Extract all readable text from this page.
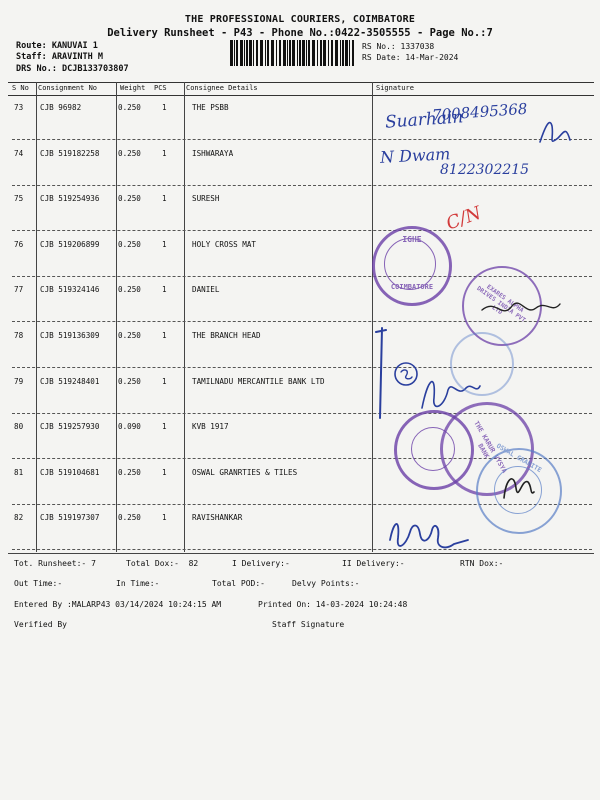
THE PROFESSIONAL COURIERS, COIMBATORE
Delivery Runsheet - P43 - Phone No.:0422-3505555 - Page No.:7
Route: KANUVAI 1
Staff: ARAVINTH M
DRS No.: DCJB133703807
RS No.: 1337038
RS Date: 14-Mar-2024
S No Consignment No	Weight PCS	Consignee Details	Signature
73 CJB 96982	0.250	1	THE PSBB
74 CJB 519182258 0.250	1	ISHWARAYA
75 CJB 519254936 0.250	1	SURESH
76 CJB 519206899 0.250	1	HOLY CROSS MAT
77 CJB 519324146 0.250	1	DANIEL
78 CJB 519136309 0.250	1	THE BRANCH HEAD
79 CJB 519248401 0.250	1	TAMILNADU MERCANTILE BANK LTD
80 CJB 519257930 0.090	1	KVB 1917
81 CJB 519104681 0.250	1	OSWAL GRANRTIES & TILES
82 CJB 519197307 0.250	1	RAVISHANKAR
Suarhain
7008495368
N Dwam
8122302215
C/N
IGHE
COIMBATORE	EXARES ALPHA DRIVES INDIA PVT LTD
THE KARUR VYSYA BANK OSWAL GRANITE
Tot. Runsheet:- 7	Total Dox:-  82	I Delivery:-	II Delivery:-	RTN Dox:-
Out Time:-	In Time:-	Total POD:-	Delvy Points:-
Entered By :MALARP43 03/14/2024 10:24:15 AM	Printed On: 14-03-2024 10:24:48
Verified By	Staff Signature
